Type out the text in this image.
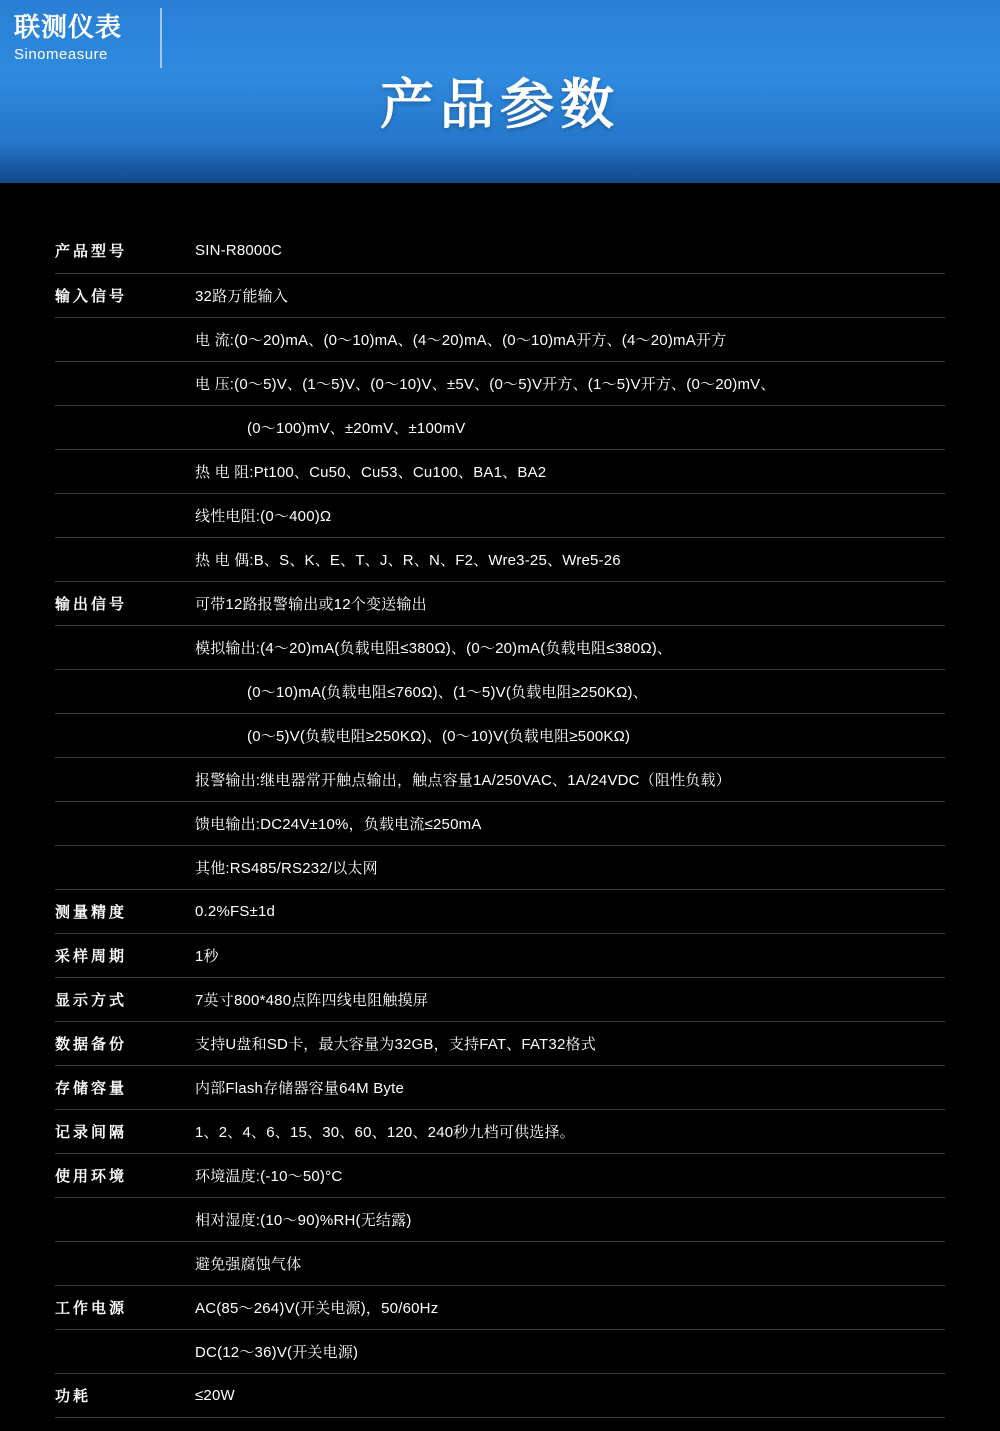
联测仪表
Sinomeasure
产品参数
产品型号	SIN-R8000C
输入信号	32路万能输入
	电 流:(0～20)mA、(0～10)mA、(4～20)mA、(0～10)mA开方、(4～20)mA开方
	电 压:(0～5)V、(1～5)V、(0～10)V、±5V、(0～5)V开方、(1～5)V开方、(0～20)mV、
	(0～100)mV、±20mV、±100mV
	热 电 阻:Pt100、Cu50、Cu53、Cu100、BA1、BA2
	线性电阻:(0～400)Ω
	热 电 偶:B、S、K、E、T、J、R、N、F2、Wre3-25、Wre5-26
输出信号	可带12路报警输出或12个变送输出
	模拟输出:(4～20)mA(负载电阻≤380Ω)、(0～20)mA(负载电阻≤380Ω)、
	(0～10)mA(负载电阻≤760Ω)、(1～5)V(负载电阻≥250KΩ)、
	(0～5)V(负载电阻≥250KΩ)、(0～10)V(负载电阻≥500KΩ)
	报警输出:继电器常开触点输出，触点容量1A/250VAC、1A/24VDC（阻性负载）
	馈电输出:DC24V±10%，负载电流≤250mA
	其他:RS485/RS232/以太网
测量精度	0.2%FS±1d
采样周期	1秒
显示方式	7英寸800*480点阵四线电阻触摸屏
数据备份	支持U盘和SD卡，最大容量为32GB，支持FAT、FAT32格式
存储容量	内部Flash存储器容量64M Byte
记录间隔	1、2、4、6、15、30、60、120、240秒九档可供选择。
使用环境	环境温度:(-10～50)°C
	相对湿度:(10～90)%RH(无结露)
	避免强腐蚀气体
工作电源	AC(85～264)V(开关电源)，50/60Hz
	DC(12～36)V(开关电源)
功耗	≤20W
